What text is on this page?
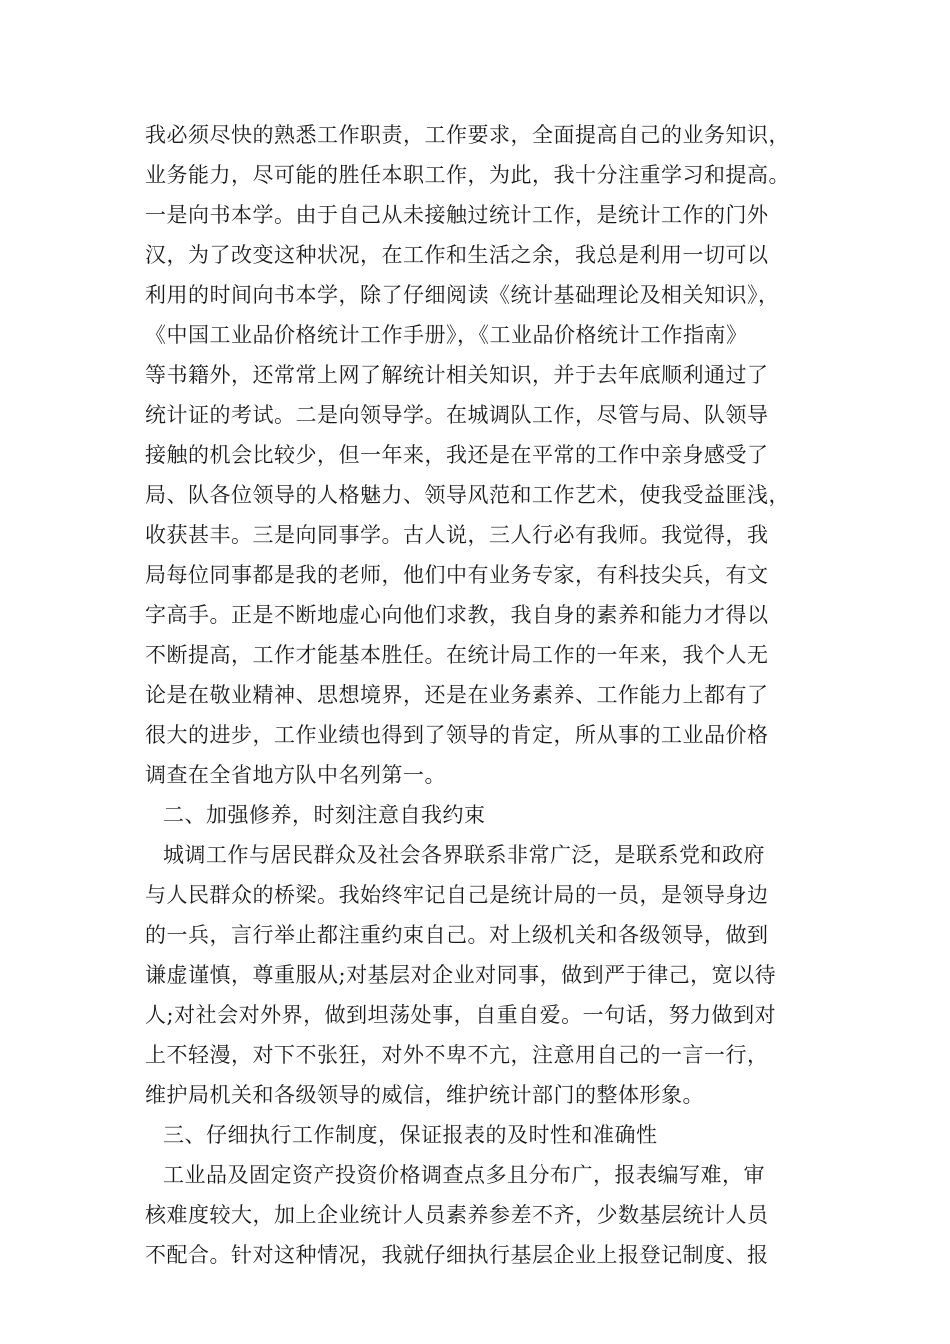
我必须尽快的熟悉工作职责，工作要求，全面提高自己的业务知识，
业务能力，尽可能的胜任本职工作，为此，我十分注重学习和提高。
一是向书本学。由于自己从未接触过统计工作，是统计工作的门外
汉，为了改变这种状况，在工作和生活之余，我总是利用一切可以
利用的时间向书本学，除了仔细阅读《统计基础理论及相关知识》，
《中国工业品价格统计工作手册》，《工业品价格统计工作指南》
等书籍外，还常常上网了解统计相关知识，并于去年底顺利通过了
统计证的考试。二是向领导学。在城调队工作，尽管与局、队领导
接触的机会比较少，但一年来，我还是在平常的工作中亲身感受了
局、队各位领导的人格魅力、领导风范和工作艺术，使我受益匪浅，
收获甚丰。三是向同事学。古人说，三人行必有我师。我觉得，我
局每位同事都是我的老师，他们中有业务专家，有科技尖兵，有文
字高手。正是不断地虚心向他们求教，我自身的素养和能力才得以
不断提高，工作才能基本胜任。在统计局工作的一年来，我个人无
论是在敬业精神、思想境界，还是在业务素养、工作能力上都有了
很大的进步，工作业绩也得到了领导的肯定，所从事的工业品价格
调查在全省地方队中名列第一。
二、加强修养，时刻注意自我约束
城调工作与居民群众及社会各界联系非常广泛，是联系党和政府
与人民群众的桥梁。我始终牢记自己是统计局的一员，是领导身边
的一兵，言行举止都注重约束自己。对上级机关和各级领导，做到
谦虚谨慎，尊重服从;对基层对企业对同事，做到严于律己，宽以待
人;对社会对外界，做到坦荡处事，自重自爱。一句话，努力做到对
上不轻漫，对下不张狂，对外不卑不亢，注意用自己的一言一行，
维护局机关和各级领导的威信，维护统计部门的整体形象。
三、仔细执行工作制度，保证报表的及时性和准确性
工业品及固定资产投资价格调查点多且分布广，报表编写难，审
核难度较大，加上企业统计人员素养参差不齐，少数基层统计人员
不配合。针对这种情况，我就仔细执行基层企业上报登记制度、报
